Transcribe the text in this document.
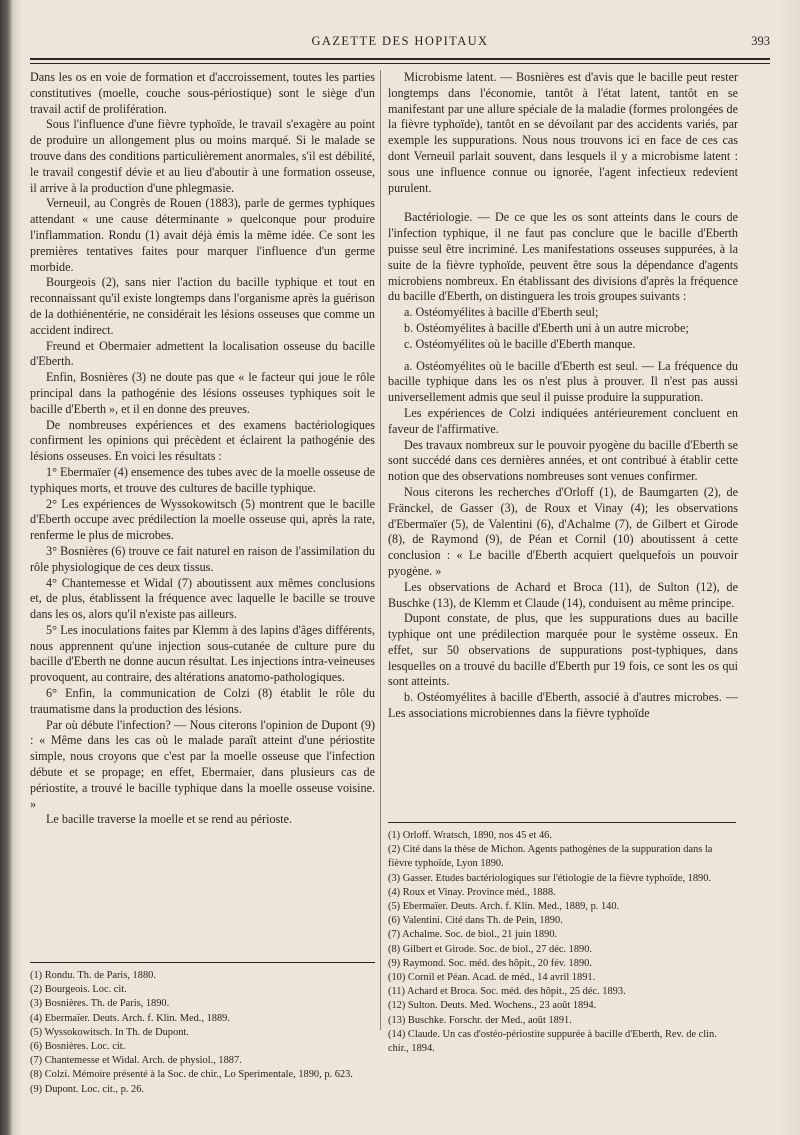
GAZETTE DES HOPITAUX	393

Dans les os en voie de formation et d'accroissement, toutes les parties constitutives (moelle, couche sous-périostique) sont le siège d'un travail actif de prolifération.

Sous l'influence d'une fièvre typhoïde, le travail s'exagère au point de produire un allongement plus ou moins marqué. Si le malade se trouve dans des conditions particulièrement anormales, s'il est débilité, le travail congestif dévie et au lieu d'aboutir à une formation osseuse, il arrive à la production d'une phlegmasie.

Verneuil, au Congrès de Rouen (1883), parle de germes typhiques attendant « une cause déterminante » quelconque pour produire l'inflammation. Rondu (1) avait déjà émis la même idée. Ce sont les premières tentatives faites pour marquer l'influence d'un germe morbide.

Bourgeois (2), sans nier l'action du bacille typhique et tout en reconnaissant qu'il existe longtemps dans l'organisme après la guérison de la dothiénentérie, ne considérait les lésions osseuses que comme un accident indirect.

Freund et Obermaier admettent la localisation osseuse du bacille d'Eberth.

Enfin, Bosnières (3) ne doute pas que « le facteur qui joue le rôle principal dans la pathogénie des lésions osseuses typhiques soit le bacille d'Eberth », et il en donne des preuves.

De nombreuses expériences et des examens bactériologiques confirment les opinions qui précèdent et éclairent la pathogénie des lésions osseuses. En voici les résultats :

1° Ebermaïer (4) ensemence des tubes avec de la moelle osseuse de typhiques morts, et trouve des cultures de bacille typhique.

2° Les expériences de Wyssokowitsch (5) montrent que le bacille d'Eberth occupe avec prédilection la moelle osseuse qui, après la rate, renferme le plus de microbes.

3° Bosnières (6) trouve ce fait naturel en raison de l'assimilation du rôle physiologique de ces deux tissus.

4° Chantemesse et Widal (7) aboutissent aux mêmes conclusions et, de plus, établissent la fréquence avec laquelle le bacille se trouve dans les os, alors qu'il n'existe pas ailleurs.

5° Les inoculations faites par Klemm à des lapins d'âges différents, nous apprennent qu'une injection sous-cutanée de culture pure du bacille d'Eberth ne donne aucun résultat. Les injections intra-veineuses provoquent, au contraire, des altérations anatomo-pathologiques.

6° Enfin, la communication de Colzi (8) établit le rôle du traumatisme dans la production des lésions.

Par où débute l'infection? — Nous citerons l'opinion de Dupont (9) : « Même dans les cas où le malade paraît atteint d'une périostite simple, nous croyons que c'est par la moelle osseuse que l'infection débute et se propage; en effet, Ebermaier, dans plusieurs cas de périostite, a trouvé le bacille typhique dans la moelle osseuse voisine. »

Le bacille traverse la moelle et se rend au périoste.

(1) Rondu. Th. de Paris, 1880.

(2) Bourgeois. Loc. cit.

(3) Bosnières. Th. de Paris, 1890.

(4) Ebermaïer. Deuts. Arch. f. Klin. Med., 1889.

(5) Wyssokowitsch. In Th. de Dupont.

(6) Bosnières. Loc. cit.

(7) Chantemesse et Widal. Arch. de physiol., 1887.

(8) Colzi. Mémoire présenté à la Soc. de chir., Lo Sperimentale, 1890, p. 623.

(9) Dupont. Loc. cit., p. 26.

Microbisme latent. — Bosnières est d'avis que le bacille peut rester longtemps dans l'économie, tantôt à l'état latent, tantôt en se manifestant par une allure spéciale de la maladie (formes prolongées de la fièvre typhoïde), tantôt en se dévoilant par des accidents variés, par exemple les suppurations. Nous nous trouvons ici en face de ces cas dont Verneuil parlait souvent, dans lesquels il y a microbisme latent : sous une influence connue ou ignorée, l'agent infectieux redevient purulent.

Bactériologie. — De ce que les os sont atteints dans le cours de l'infection typhique, il ne faut pas conclure que le bacille d'Eberth puisse seul être incriminé. Les manifestations osseuses suppurées, à la suite de la fièvre typhoïde, peuvent être sous la dépendance d'agents microbiens nombreux. En établissant des divisions d'après la fréquence du bacille d'Eberth, on distinguera les trois groupes suivants :

a. Ostéomyélites à bacille d'Eberth seul;

b. Ostéomyélites à bacille d'Eberth uni à un autre microbe;

c. Ostéomyélites où le bacille d'Eberth manque.

a. Ostéomyélites où le bacille d'Eberth est seul. — La fréquence du bacille typhique dans les os n'est plus à prouver. Il n'est pas aussi universellement admis que seul il puisse produire la suppuration.

Les expériences de Colzi indiquées antérieurement concluent en faveur de l'affirmative.

Des travaux nombreux sur le pouvoir pyogène du bacille d'Eberth se sont succédé dans ces dernières années, et ont contribué à établir cette notion que des observations nombreuses sont venues confirmer.

Nous citerons les recherches d'Orloff (1), de Baumgarten (2), de Fränckel, de Gasser (3), de Roux et Vinay (4); les observations d'Ebermaïer (5), de Valentini (6), d'Achalme (7), de Gilbert et Girode (8), de Raymond (9), de Péan et Cornil (10) aboutissent à cette conclusion : « Le bacille d'Eberth acquiert quelquefois un pouvoir pyogène. »

Les observations de Achard et Broca (11), de Sulton (12), de Buschke (13), de Klemm et Claude (14), conduisent au même principe.

Dupont constate, de plus, que les suppurations dues au bacille typhique ont une prédilection marquée pour le système osseux. En effet, sur 50 observations de suppurations post-typhiques, dans lesquelles on a trouvé du bacille d'Eberth pur 19 fois, ce sont les os qui sont atteints.

b. Ostéomyélites à bacille d'Eberth, associé à d'autres microbes. — Les associations microbiennes dans la fièvre typhoïde

(1) Orloff. Wratsch, 1890, nos 45 et 46.

(2) Cité dans la thèse de Michon. Agents pathogènes de la suppuration dans la fièvre typhoïde, Lyon 1890.

(3) Gasser. Etudes bactériologiques sur l'étiologie de la fièvre typhoïde, 1890.

(4) Roux et Vinay. Province méd., 1888.

(5) Ebermaïer. Deuts. Arch. f. Klin. Med., 1889, p. 140.

(6) Valentini. Cité dans Th. de Pein, 1890.

(7) Achalme. Soc. de biol., 21 juin 1890.

(8) Gilbert et Girode. Soc. de biol., 27 déc. 1890.

(9) Raymond. Soc. méd. des hôpit., 20 fév. 1890.

(10) Cornil et Péan. Acad. de méd., 14 avril 1891.

(11) Achard et Broca. Soc. méd. des hôpit., 25 déc. 1893.

(12) Sulton. Deuts. Med. Wochens., 23 août 1894.

(13) Buschke. Forschr. der Med., août 1891.

(14) Claude. Un cas d'ostéo-périostite suppurée à bacille d'Eberth, Rev. de clin. chir., 1894.
